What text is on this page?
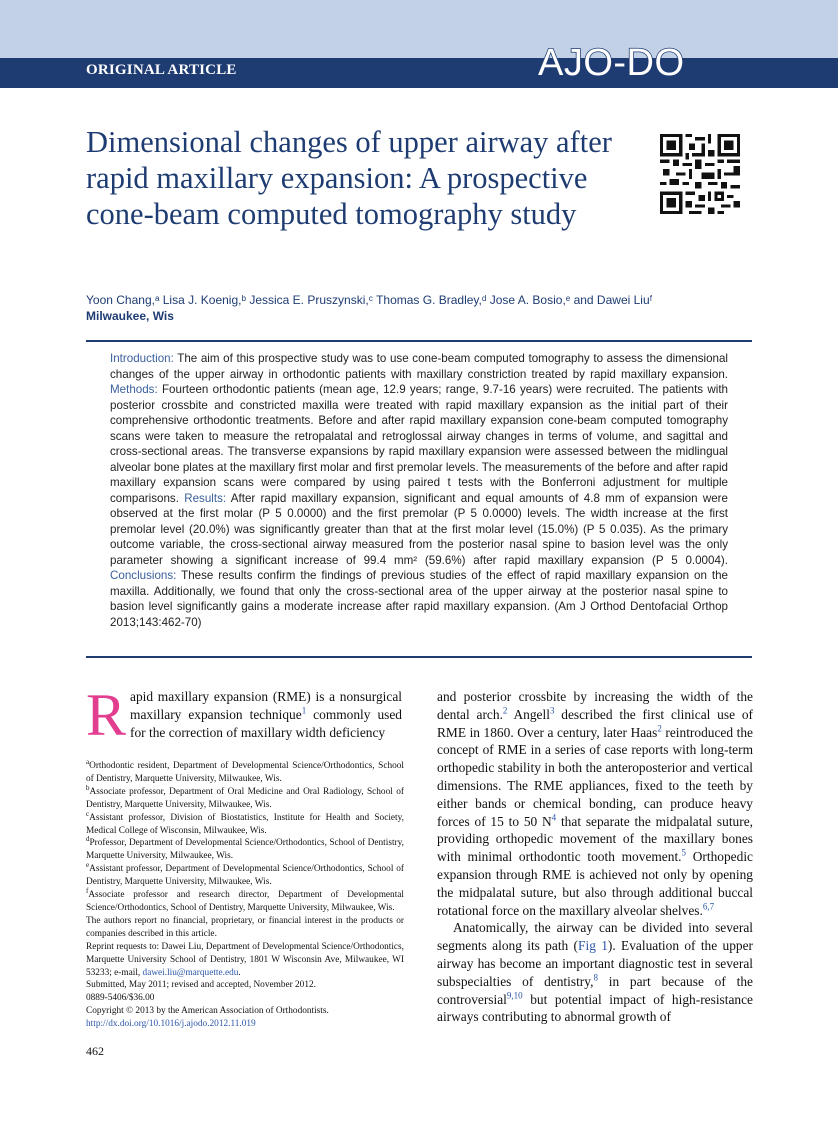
ORIGINAL ARTICLE	AJO-DO
Dimensional changes of upper airway after rapid maxillary expansion: A prospective cone-beam computed tomography study
Yoon Chang,ᵃ Lisa J. Koenig,ᵇ Jessica E. Pruszynski,ᶜ Thomas G. Bradley,ᵈ Jose A. Bosio,ᵉ and Dawei Liuᶠ
Milwaukee, Wis

Introduction: The aim of this prospective study was to use cone-beam computed tomography to assess the dimensional changes of the upper airway in orthodontic patients with maxillary constriction treated by rapid maxillary expansion. Methods: Fourteen orthodontic patients (mean age, 12.9 years; range, 9.7-16 years) were recruited. The patients with posterior crossbite and constricted maxilla were treated with rapid maxillary expansion as the initial part of their comprehensive orthodontic treatments. Before and after rapid maxillary expansion cone-beam computed tomography scans were taken to measure the retropalatal and retroglossal airway changes in terms of volume, and sagittal and cross-sectional areas. The transverse expansions by rapid maxillary expansion were assessed between the midlingual alveolar bone plates at the maxillary first molar and first premolar levels. The measurements of the before and after rapid maxillary expansion scans were compared by using paired t tests with the Bonferroni adjustment for multiple comparisons. Results: After rapid maxillary expansion, significant and equal amounts of 4.8 mm of expansion were observed at the first molar (P 5 0.0000) and the first premolar (P 5 0.0000) levels. The width increase at the first premolar level (20.0%) was significantly greater than that at the first molar level (15.0%) (P 5 0.035). As the primary outcome variable, the cross-sectional airway measured from the posterior nasal spine to basion level was the only parameter showing a significant increase of 99.4 mm² (59.6%) after rapid maxillary expansion (P 5 0.0004). Conclusions: These results confirm the findings of previous studies of the effect of rapid maxillary expansion on the maxilla. Additionally, we found that only the cross-sectional area of the upper airway at the posterior nasal spine to basion level significantly gains a moderate increase after rapid maxillary expansion. (Am J Orthod Dentofacial Orthop 2013;143:462-70)

Rapid maxillary expansion (RME) is a nonsurgical maxillary expansion technique$^1$ commonly used for the correction of maxillary width deficiency

$^a$Orthodontic resident, Department of Developmental Science/Orthodontics, School of Dentistry, Marquette University, Milwaukee, Wis.

$^b$Associate professor, Department of Oral Medicine and Oral Radiology, School of Dentistry, Marquette University, Milwaukee, Wis.

$^c$Assistant professor, Division of Biostatistics, Institute for Health and Society, Medical College of Wisconsin, Milwaukee, Wis.

$^d$Professor, Department of Developmental Science/Orthodontics, School of Dentistry, Marquette University, Milwaukee, Wis.

$^e$Assistant professor, Department of Developmental Science/Orthodontics, School of Dentistry, Marquette University, Milwaukee, Wis.

$^f$Associate professor and research director, Department of Developmental Science/Orthodontics, School of Dentistry, Marquette University, Milwaukee, Wis.

The authors report no financial, proprietary, or financial interest in the products or companies described in this article.

Reprint requests to: Dawei Liu, Department of Developmental Science/Orthodontics, Marquette University School of Dentistry, 1801 W Wisconsin Ave, Milwaukee, WI 53233; e-mail, dawei.liu@marquette.edu.

Submitted, May 2011; revised and accepted, November 2012.

0889-5406/$36.00

Copyright © 2013 by the American Association of Orthodontists.

http://dx.doi.org/10.1016/j.ajodo.2012.11.019

and posterior crossbite by increasing the width of the dental arch.$^2$ Angell$^3$ described the first clinical use of RME in 1860. Over a century, later Haas$^2$ reintroduced the concept of RME in a series of case reports with long-term orthopedic stability in both the anteroposterior and vertical dimensions. The RME appliances, fixed to the teeth by either bands or chemical bonding, can produce heavy forces of 15 to 50 N$^4$ that separate the midpalatal suture, providing orthopedic movement of the maxillary bones with minimal orthodontic tooth movement.$^5$ Orthopedic expansion through RME is achieved not only by opening the midpalatal suture, but also through additional buccal rotational force on the maxillary alveolar shelves.$^{6,7}$

Anatomically, the airway can be divided into several segments along its path (Fig 1). Evaluation of the upper airway has become an important diagnostic test in several subspecialties of dentistry,$^8$ in part because of the controversial$^{9,10}$ but potential impact of high-resistance airways contributing to abnormal growth of

462
